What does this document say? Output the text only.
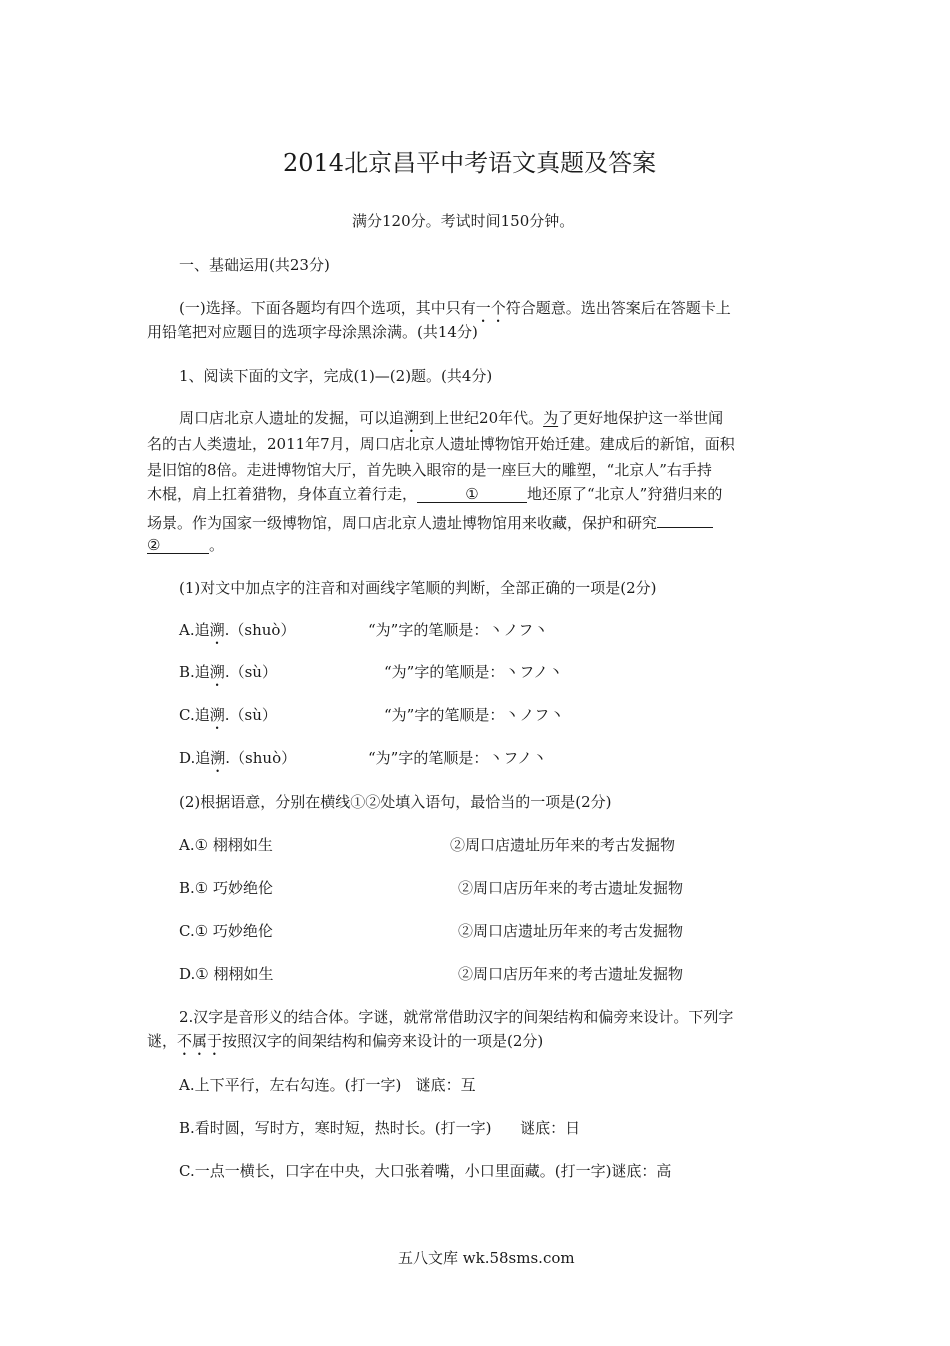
2014北京昌平中考语文真题及答案
满分120分。考试时间150分钟。
一、基础运用(共23分)
(一)选择。下面各题均有四个选项，其中只有一个符合题意。选出答案后在答题卡上
用铅笔把对应题目的选项字母涂黑涂满。(共14分)
1、阅读下面的文字，完成(1)—(2)题。(共4分)
周口店北京人遗址的发掘，可以追溯到上世纪20年代。为了更好地保护这一举世闻
名的古人类遗址，2011年7月，周口店北京人遗址博物馆开始迁建。建成后的新馆，面积
是旧馆的8倍。走进博物馆大厅，首先映入眼帘的是一座巨大的雕塑，“北京人”右手持
木棍，肩上扛着猎物，身体直立着行走，	①	地还原了“北京人”狩猎归来的
场景。作为国家一级博物馆，周口店北京人遗址博物馆用来收藏，保护和研究
②	。
(1)对文中加点字的注音和对画线字笔顺的判断，全部正确的一项是(2分)
A.追溯.（shuò）	“为”字的笔顺是：丶ノフ丶
B.追溯.（sù）	“为”字的笔顺是：丶フノ丶
C.追溯.（sù）	“为”字的笔顺是：丶ノフ丶
D.追溯.（shuò）	“为”字的笔顺是：丶フノ丶
(2)根据语意，分别在横线①②处填入语句，最恰当的一项是(2分)
A.① 栩栩如生	②周口店遗址历年来的考古发掘物
B.① 巧妙绝伦	②周口店历年来的考古遗址发掘物
C.① 巧妙绝伦	②周口店遗址历年来的考古发掘物
D.① 栩栩如生	②周口店历年来的考古遗址发掘物
2.汉字是音形义的结合体。字谜，就常常借助汉字的间架结构和偏旁来设计。下列字
谜，不属于按照汉字的间架结构和偏旁来设计的一项是(2分)
A.上下平行，左右勾连。(打一字)   谜底：互
B.看时圆，写时方，寒时短，热时长。(打一字)      谜底：日
C.一点一横长，口字在中央，大口张着嘴，小口里面藏。(打一字)谜底：高
五八文库 wk.58sms.com
